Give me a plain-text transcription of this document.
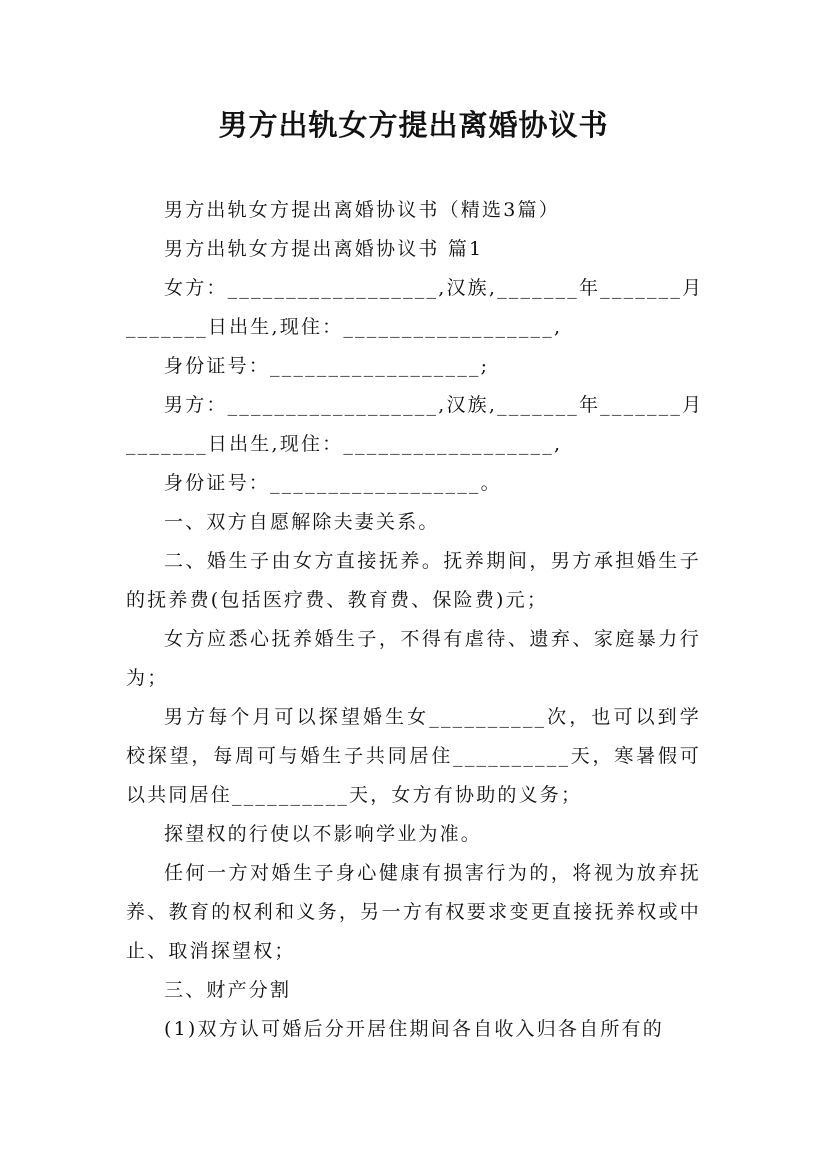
男方出轨女方提出离婚协议书

男方出轨女方提出离婚协议书（精选3篇）

男方出轨女方提出离婚协议书 篇1

女方：__________________,汉族,_______年_______月

_______日出生,现住：__________________,

身份证号：__________________;

男方：__________________,汉族,_______年_______月

_______日出生,现住：__________________,

身份证号：__________________。

一、双方自愿解除夫妻关系。

二、婚生子由女方直接抚养。抚养期间，男方承担婚生子的抚养费(包括医疗费、教育费、保险费)元；

女方应悉心抚养婚生子，不得有虐待、遗弃、家庭暴力行为；

男方每个月可以探望婚生女__________次，也可以到学校探望，每周可与婚生子共同居住__________天，寒暑假可以共同居住__________天，女方有协助的义务；

探望权的行使以不影响学业为准。

任何一方对婚生子身心健康有损害行为的，将视为放弃抚养、教育的权利和义务，另一方有权要求变更直接抚养权或中止、取消探望权；

三、财产分割

(1)双方认可婚后分开居住期间各自收入归各自所有的
